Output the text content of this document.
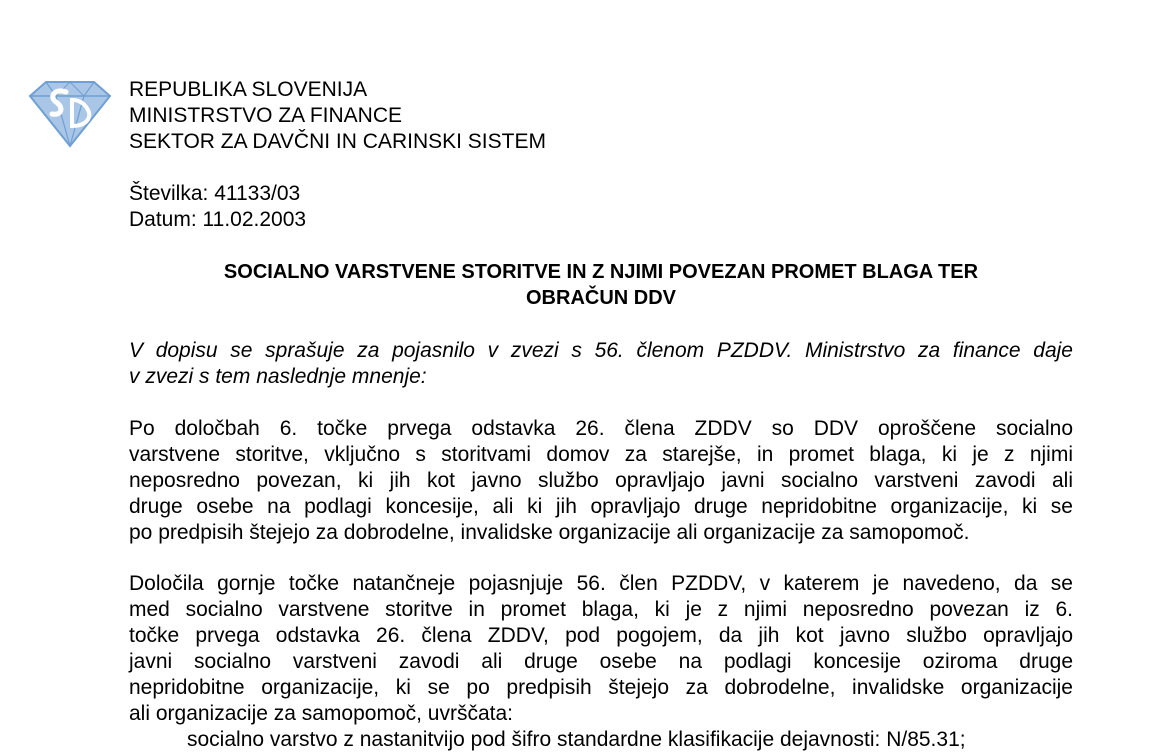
REPUBLIKA SLOVENIJA
MINISTRSTVO ZA FINANCE
SEKTOR ZA DAVČNI IN CARINSKI SISTEM
Številka: 41133/03
Datum: 11.02.2003
SOCIALNO VARSTVENE STORITVE IN Z NJIMI POVEZAN PROMET BLAGA TER
OBRAČUN DDV
V dopisu se sprašuje za pojasnilo v zvezi s 56. členom PZDDV. Ministrstvo za finance daje
v zvezi s tem naslednje mnenje:
Po določbah 6. točke prvega odstavka 26. člena ZDDV so DDV oproščene socialno
varstvene storitve, vključno s storitvami domov za starejše, in promet blaga, ki je z njimi
neposredno povezan, ki jih kot javno službo opravljajo javni socialno varstveni zavodi ali
druge osebe na podlagi koncesije, ali ki jih opravljajo druge nepridobitne organizacije, ki se
po predpisih štejejo za dobrodelne, invalidske organizacije ali organizacije za samopomoč.
Določila gornje točke natančneje pojasnjuje 56. člen PZDDV, v katerem je navedeno, da se
med socialno varstvene storitve in promet blaga, ki je z njimi neposredno povezan iz 6.
točke prvega odstavka 26. člena ZDDV, pod pogojem, da jih kot javno službo opravljajo
javni socialno varstveni zavodi ali druge osebe na podlagi koncesije oziroma druge
nepridobitne organizacije, ki se po predpisih štejejo za dobrodelne, invalidske organizacije
ali organizacije za samopomoč, uvrščata:
socialno varstvo z nastanitvijo pod šifro standardne klasifikacije dejavnosti: N/85.31;
